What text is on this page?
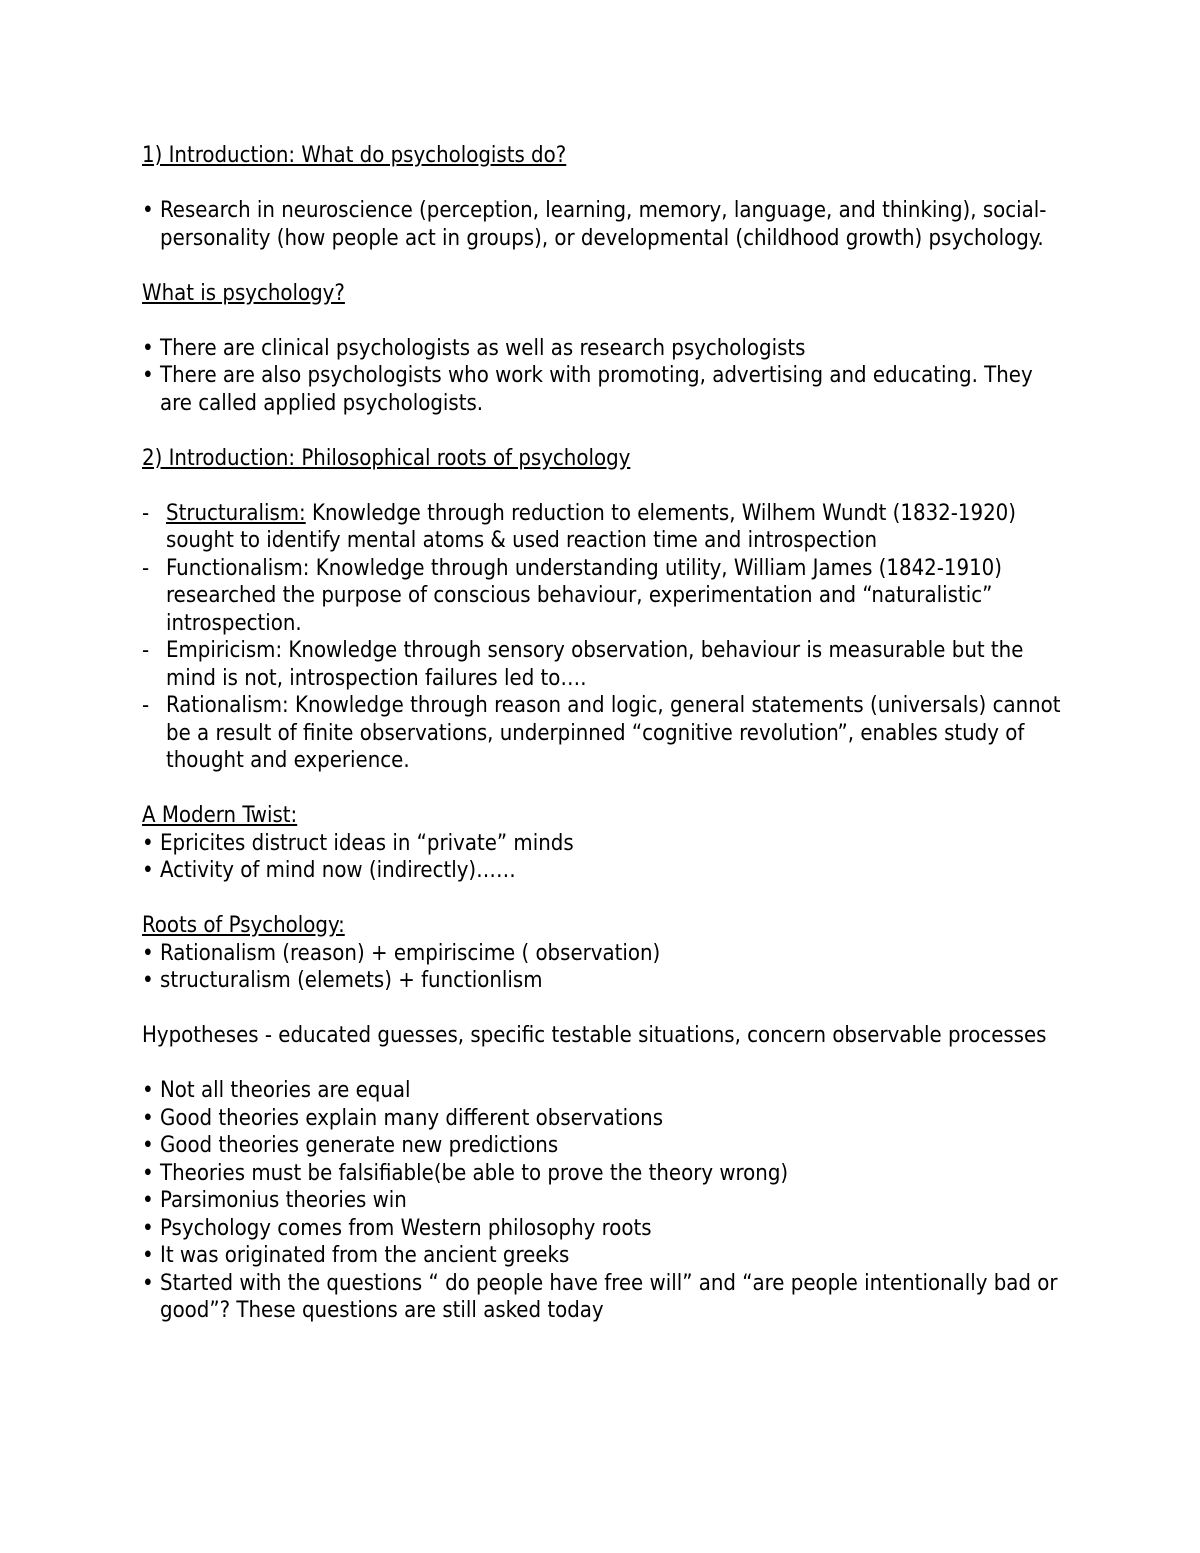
1) Introduction: What do psychologists do?

• Research in neuroscience (perception, learning, memory, language, and thinking), social-personality (how people act in groups), or developmental (childhood growth) psychology.

What is psychology?

• There are clinical psychologists as well as research psychologists
• There are also psychologists who work with promoting, advertising and educating. They are called applied psychologists.

2) Introduction: Philosophical roots of psychology

- Structuralism: Knowledge through reduction to elements, Wilhem Wundt (1832-1920) sought to identify mental atoms & used reaction time and introspection
- Functionalism: Knowledge through understanding utility, William James (1842-1910) researched the purpose of conscious behaviour, experimentation and “naturalistic” introspection.
- Empiricism: Knowledge through sensory observation, behaviour is measurable but the mind is not, introspection failures led to….
- Rationalism: Knowledge through reason and logic, general statements (universals) cannot be a result of finite observations, underpinned “cognitive revolution”, enables study of thought and experience.

A Modern Twist:

• Epricites distruct ideas in “private” minds
• Activity of mind now (indirectly)……

Roots of Psychology:

• Rationalism (reason) + empiriscime ( observation)
• structuralism (elemets) + functionlism

Hypotheses - educated guesses, specific testable situations, concern observable processes

• Not all theories are equal
• Good theories explain many different observations
• Good theories generate new predictions
• Theories must be falsifiable(be able to prove the theory wrong)
• Parsimonius theories win
• Psychology comes from Western philosophy roots
• It was originated from the ancient greeks
• Started with the questions “ do people have free will” and “are people intentionally bad or good”? These questions are still asked today
